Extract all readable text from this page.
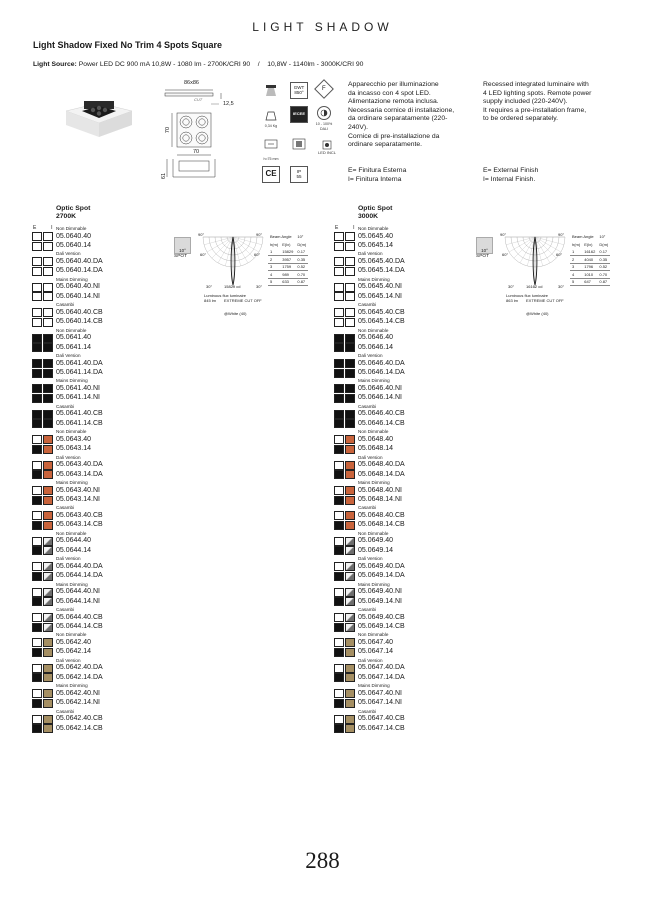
LIGHT SHADOW
Light Shadow Fixed No Trim 4 Spots Square
Light Source: Power LED DC 900 mA 10,8W - 1080 lm - 2700K/CRI 90    /    10,8W - 1140lm - 3000K/CRI 90
86x86
CUT
12,5
70
70
61
GWT
850°
F
0,34 Kg
IECEE
10 - 100%
DALI
LED INCL
h=75 mm
CE	IP
55
Apparecchio per illuminazione
da incasso con 4 spot LED.
Alimentazione remota inclusa.
Necessaria cornice di installazione,
da ordinare separatamente (220-
240V).
Cornice di pre-installazione da
ordinare separatamente.
Recessed integrated luminaire with
4 LED lighting spots. Remote power
supply included (220-240V).
It requires a pre-installation frame,
to be ordered separately.
E= Finitura Esterna
I= Finitura Interna
E= External Finish
I= Internal Finish.
Optic Spot
2700K
E  I
10°
SPOT
90°	90°
60°	60°
30°	30°
15829 cd
Luminous flux luminaire
845 lm EXTREME CUT OFF
@White (40)
Beam Angle		10°
h(m)	E(lx)	D(m)
1	15829	0.17
2	3957	0.35
3	1759	0.52
4	989	0.70
5	633	0.87
Non Dimmable
05.0640.40
05.0640.14
Dali Version
05.0640.40.DA
05.0640.14.DA
Mains Dimming
05.0640.40.NI
05.0640.14.NI
Casambi
05.0640.40.CB
05.0640.14.CB
Non Dimmable
05.0641.40
05.0641.14
Dali Version
05.0641.40.DA
05.0641.14.DA
Mains Dimming
05.0641.40.NI
05.0641.14.NI
Casambi
05.0641.40.CB
05.0641.14.CB
Non Dimmable
05.0643.40
05.0643.14
Dali Version
05.0643.40.DA
05.0643.14.DA
Mains Dimming
05.0643.40.NI
05.0643.14.NI
Casambi
05.0643.40.CB
05.0643.14.CB
Non Dimmable
05.0644.40
05.0644.14
Dali Version
05.0644.40.DA
05.0644.14.DA
Mains Dimming
05.0644.40.NI
05.0644.14.NI
Casambi
05.0644.40.CB
05.0644.14.CB
Non Dimmable
05.0642.40
05.0642.14
Dali Version
05.0642.40.DA
05.0642.14.DA
Mains Dimming
05.0642.40.NI
05.0642.14.NI
Casambi
05.0642.40.CB
05.0642.14.CB
Optic Spot
3000K
E  I
10°
SPOT
90°	90°
60°	60°
30°	30°
16162 cd
Luminous flux luminaire
863 lm EXTREME CUT OFF
@White (40)
Beam Angle		10°
h(m)	E(lx)	D(m)
1	16162	0.17
2	4040	0.35
3	1796	0.52
4	1010	0.70
5	647	0.87
Non Dimmable
05.0645.40
05.0645.14
Dali Version
05.0645.40.DA
05.0645.14.DA
Mains Dimming
05.0645.40.NI
05.0645.14.NI
Casambi
05.0645.40.CB
05.0645.14.CB
Non Dimmable
05.0646.40
05.0646.14
Dali Version
05.0646.40.DA
05.0646.14.DA
Mains Dimming
05.0646.40.NI
05.0646.14.NI
Casambi
05.0646.40.CB
05.0646.14.CB
Non Dimmable
05.0648.40
05.0648.14
Dali Version
05.0648.40.DA
05.0648.14.DA
Mains Dimming
05.0648.40.NI
05.0648.14.NI
Casambi
05.0648.40.CB
05.0648.14.CB
Non Dimmable
05.0649.40
05.0649.14
Dali Version
05.0649.40.DA
05.0649.14.DA
Mains Dimming
05.0649.40.NI
05.0649.14.NI
Casambi
05.0649.40.CB
05.0649.14.CB
Non Dimmable
05.0647.40
05.0647.14
Dali Version
05.0647.40.DA
05.0647.14.DA
Mains Dimming
05.0647.40.NI
05.0647.14.NI
Casambi
05.0647.40.CB
05.0647.14.CB
288
